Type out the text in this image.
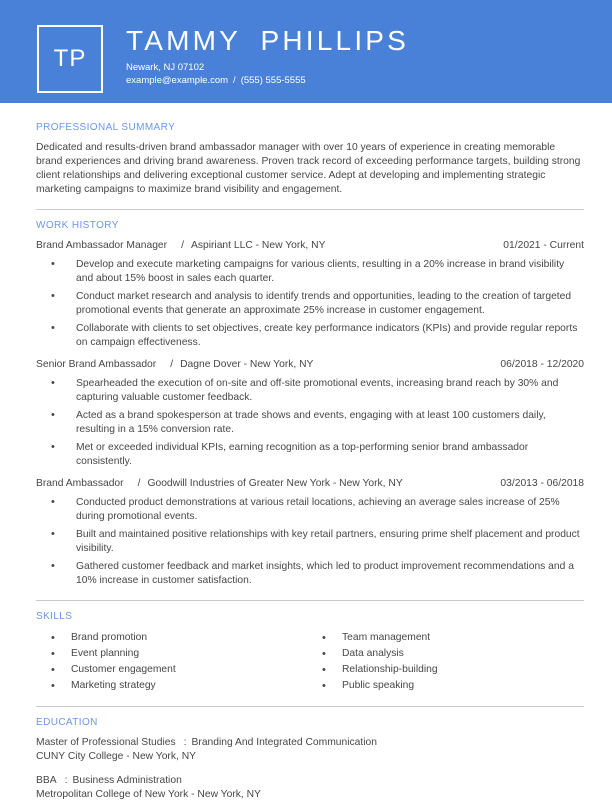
TP
TAMMY PHILLIPS
Newark, NJ 07102
example@example.com / (555) 555-5555
PROFESSIONAL SUMMARY

Dedicated and results-driven brand ambassador manager with over 10 years of experience in creating memorable brand experiences and driving brand awareness. Proven track record of exceeding performance targets, building strong client relationships and delivering exceptional customer service. Adept at developing and implementing strategic marketing campaigns to maximize brand visibility and engagement.

WORK HISTORY
Brand Ambassador Manager / Aspiriant LLC - New York, NY	01/2021 - Current
• Develop and execute marketing campaigns for various clients, resulting in a 20% increase in brand visibility and about 15% boost in sales each quarter.
• Conduct market research and analysis to identify trends and opportunities, leading to the creation of targeted promotional events that generate an approximate 25% increase in customer engagement.
• Collaborate with clients to set objectives, create key performance indicators (KPIs) and provide regular reports on campaign effectiveness.
Senior Brand Ambassador / Dagne Dover - New York, NY	06/2018 - 12/2020
• Spearheaded the execution of on-site and off-site promotional events, increasing brand reach by 30% and capturing valuable customer feedback.
• Acted as a brand spokesperson at trade shows and events, engaging with at least 100 customers daily, resulting in a 15% conversion rate.
• Met or exceeded individual KPIs, earning recognition as a top-performing senior brand ambassador consistently.
Brand Ambassador / Goodwill Industries of Greater New York - New York, NY	03/2013 - 06/2018
• Conducted product demonstrations at various retail locations, achieving an average sales increase of 25% during promotional events.
• Built and maintained positive relationships with key retail partners, ensuring prime shelf placement and product visibility.
• Gathered customer feedback and market insights, which led to product improvement recommendations and a 10% increase in customer satisfaction.
SKILLS
• Brand promotion
• Event planning
• Customer engagement
• Marketing strategy
• Team management
• Data analysis
• Relationship-building
• Public speaking
EDUCATION
Master of Professional Studies : Branding And Integrated Communication
CUNY City College - New York, NY
BBA : Business Administration
Metropolitan College of New York - New York, NY
